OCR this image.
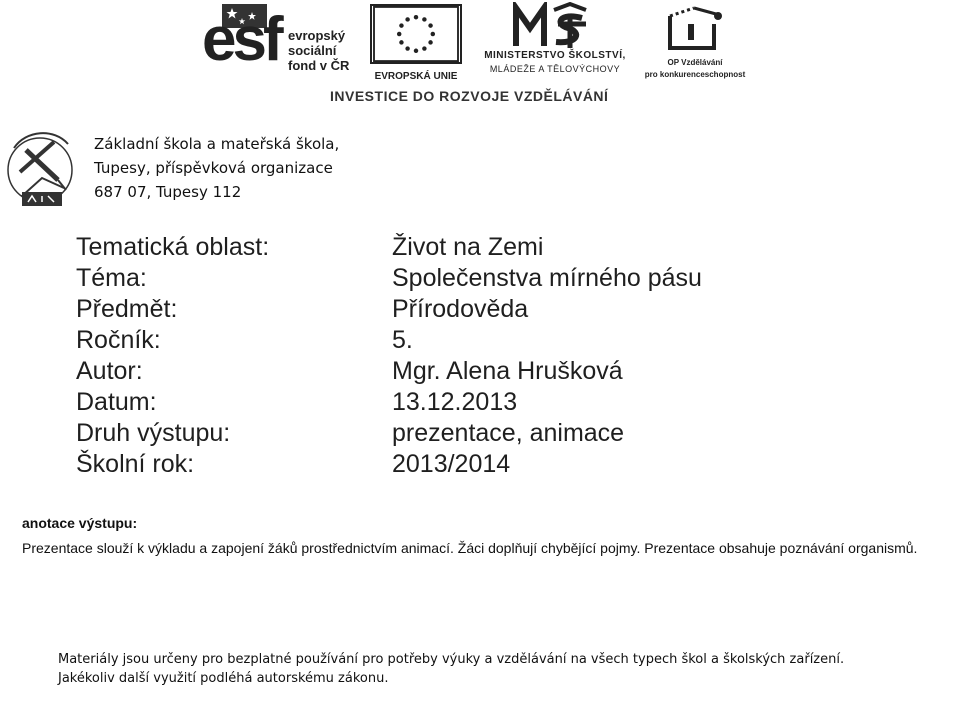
esf evropský
sociální
fond v ČR
EVROPSKÁ UNIE
MINISTERSTVO ŠKOLSTVÍ,
MLÁDEŽE A TĚLOVÝCHOVY
OP Vzdělávání
pro konkurenceschopnost
INVESTICE DO ROZVOJE VZDĚLÁVÁNÍ
Základní škola a mateřská škola,
Tupesy, příspěvková organizace
687 07, Tupesy 112
Tematická oblast:	Život na Zemi
Téma:	Společenstva mírného pásu
Předmět:	Přírodověda
Ročník:	5.
Autor:	Mgr. Alena Hrušková
Datum:	13.12.2013
Druh výstupu:	prezentace, animace
Školní rok:	2013/2014
anotace výstupu:
Prezentace slouží k výkladu a zapojení žáků prostřednictvím animací. Žáci doplňují chybějící pojmy. Prezentace obsahuje poznávání organismů.
Materiály jsou určeny pro bezplatné používání pro potřeby výuky a vzdělávání na všech typech škol a školských zařízení.
Jakékoliv další využití podléhá autorskému zákonu.
